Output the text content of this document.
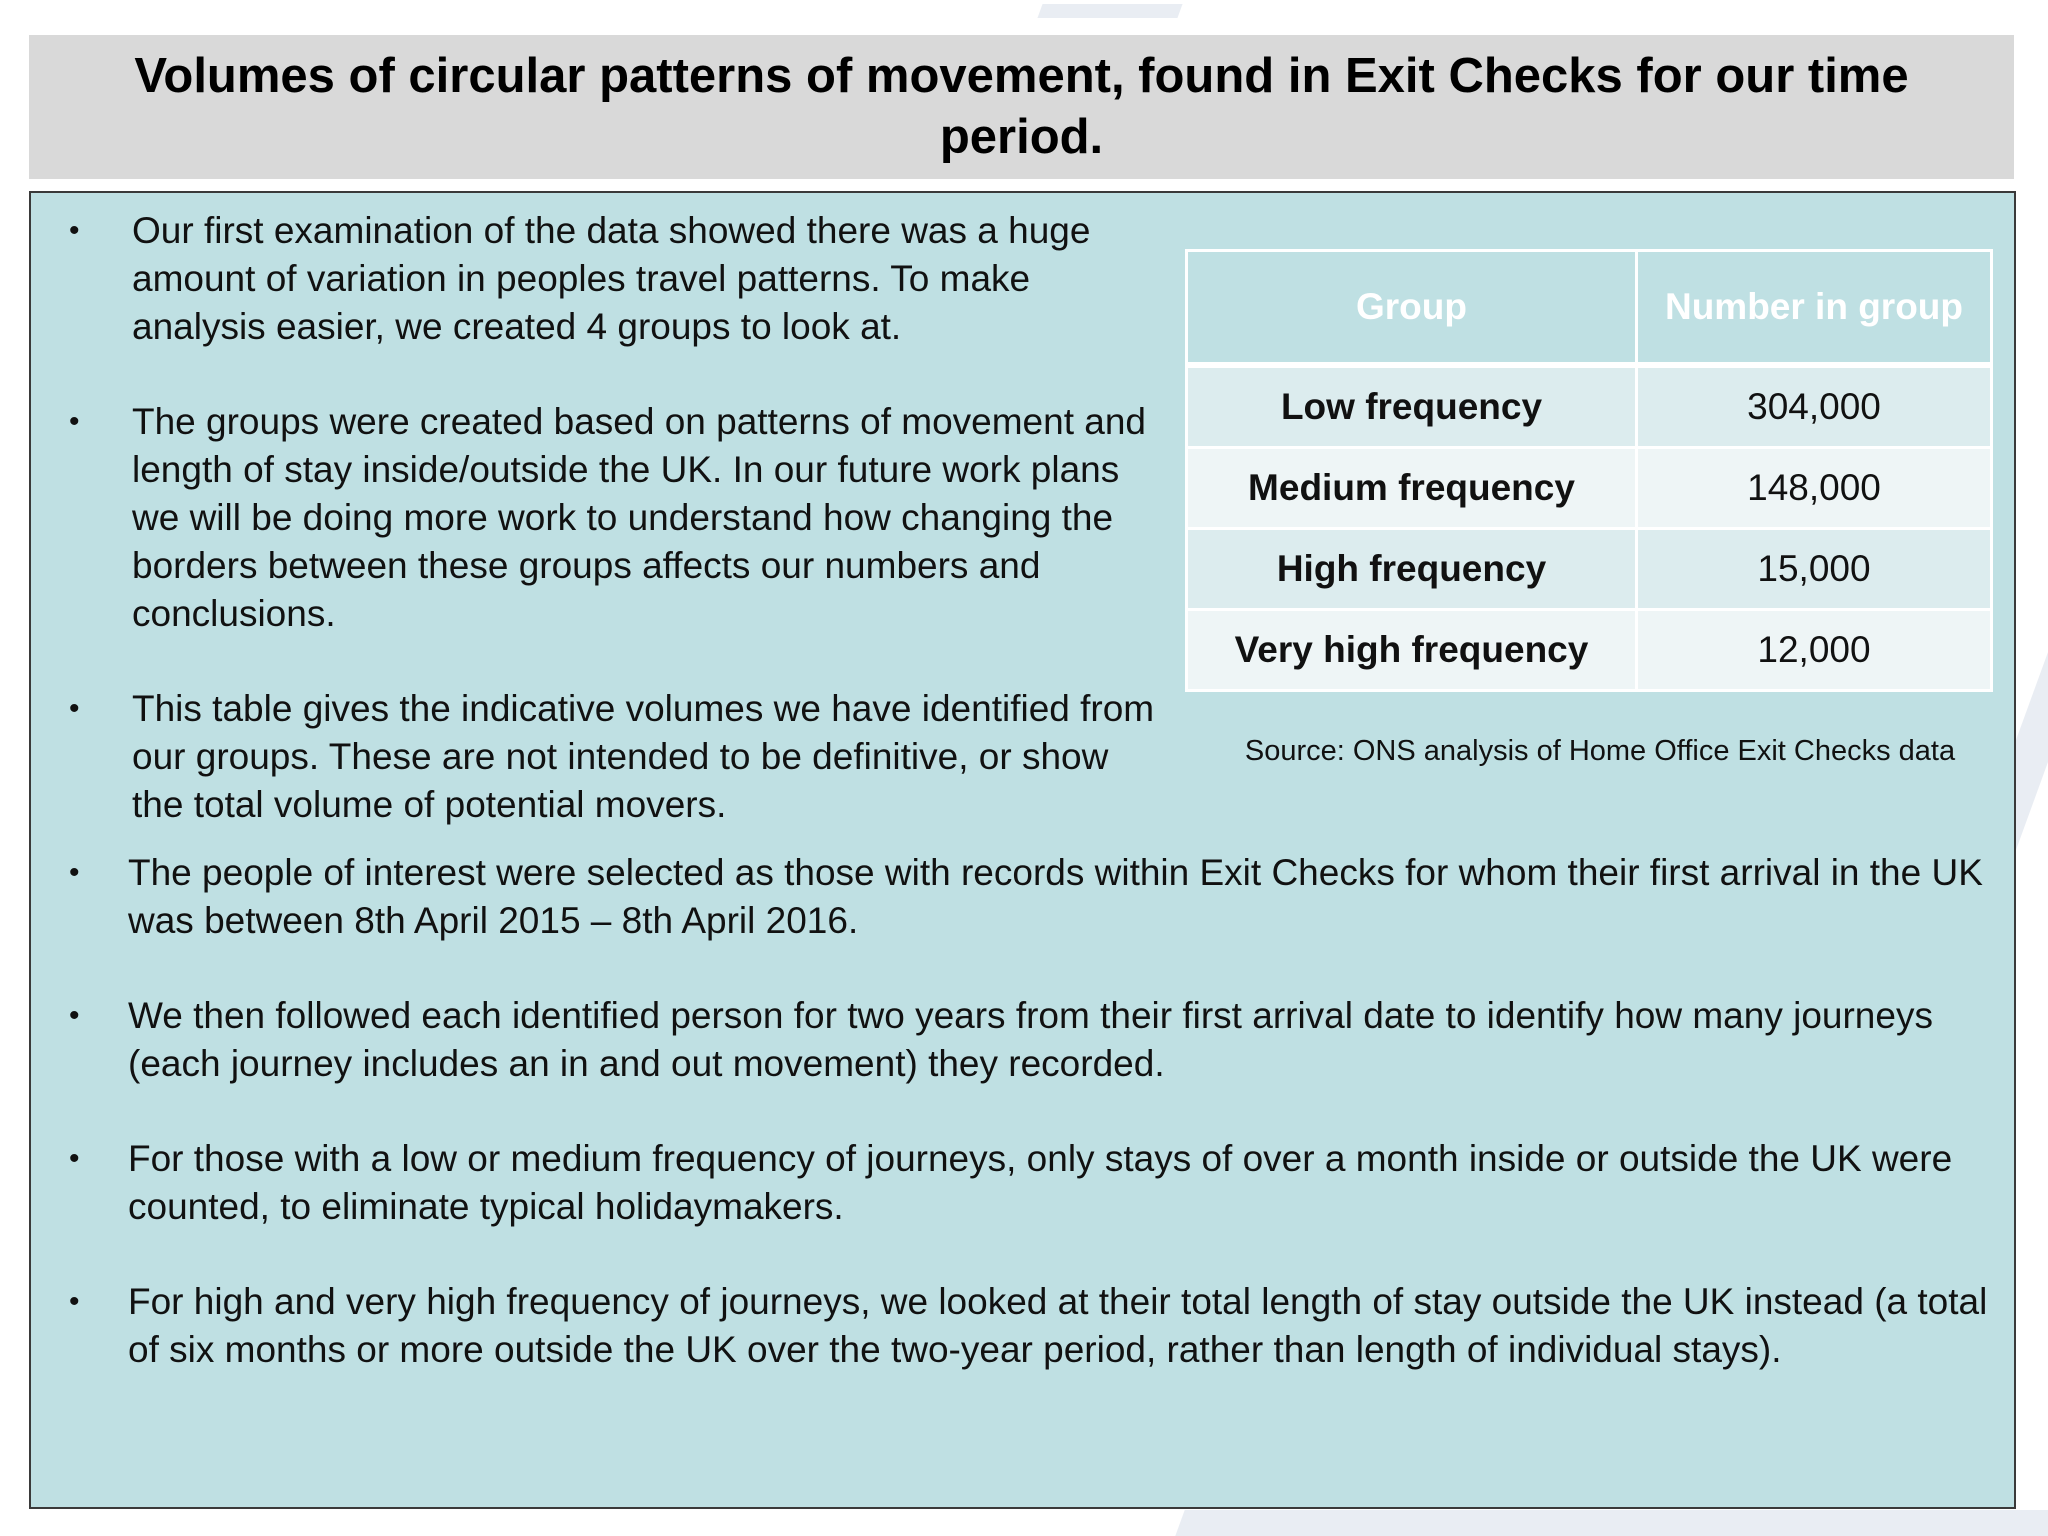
Volumes of circular patterns of movement, found in Exit Checks for our time period.
• Our first examination of the data showed there was a huge amount of variation in peoples travel patterns. To make analysis easier, we created 4 groups to look at.
• The groups were created based on patterns of movement and length of stay inside/outside the UK. In our future work plans we will be doing more work to understand how changing the borders between these groups affects our numbers and conclusions.
• This table gives the indicative volumes we have identified from our groups. These are not intended to be definitive, or show the total volume of potential movers.
Group	Number in group
Low frequency	304,000
Medium frequency	148,000
High frequency	15,000
Very high frequency	12,000
Source: ONS analysis of Home Office Exit Checks data
• The people of interest were selected as those with records within Exit Checks for whom their first arrival in the UK was between 8th April 2015 – 8th April 2016.
• We then followed each identified person for two years from their first arrival date to identify how many journeys (each journey includes an in and out movement) they recorded.
• For those with a low or medium frequency of journeys, only stays of over a month inside or outside the UK were counted, to eliminate typical holidaymakers.
• For high and very high frequency of journeys, we looked at their total length of stay outside the UK instead (a total of six months or more outside the UK over the two-year period, rather than length of individual stays).
